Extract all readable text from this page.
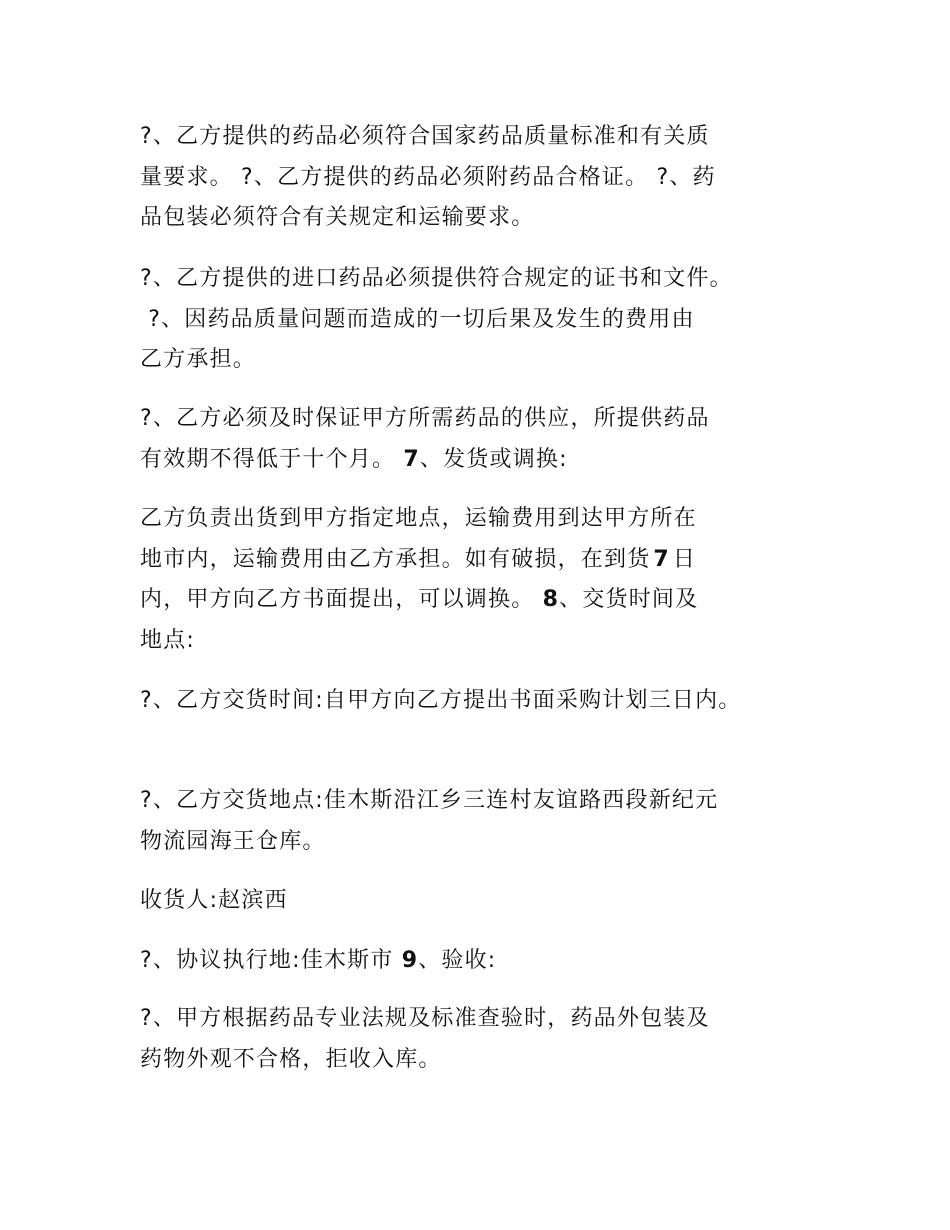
?、乙方提供的药品必须符合国家药品质量标准和有关质
量要求。 ?、乙方提供的药品必须附药品合格证。 ?、药
品包装必须符合有关规定和运输要求。
?、乙方提供的进口药品必须提供符合规定的证书和文件。
?、因药品质量问题而造成的一切后果及发生的费用由
乙方承担。
?、乙方必须及时保证甲方所需药品的供应，所提供药品
有效期不得低于十个月。 7、发货或调换:
乙方负责出货到甲方指定地点，运输费用到达甲方所在
地市内，运输费用由乙方承担。如有破损，在到货 7 日
内，甲方向乙方书面提出，可以调换。 8、交货时间及
地点:
?、乙方交货时间:自甲方向乙方提出书面采购计划三日内。
?、乙方交货地点:佳木斯沿江乡三连村友谊路西段新纪元
物流园海王仓库。
收货人:赵滨西
?、协议执行地:佳木斯市 9、验收:
?、甲方根据药品专业法规及标准查验时，药品外包装及
药物外观不合格，拒收入库。
